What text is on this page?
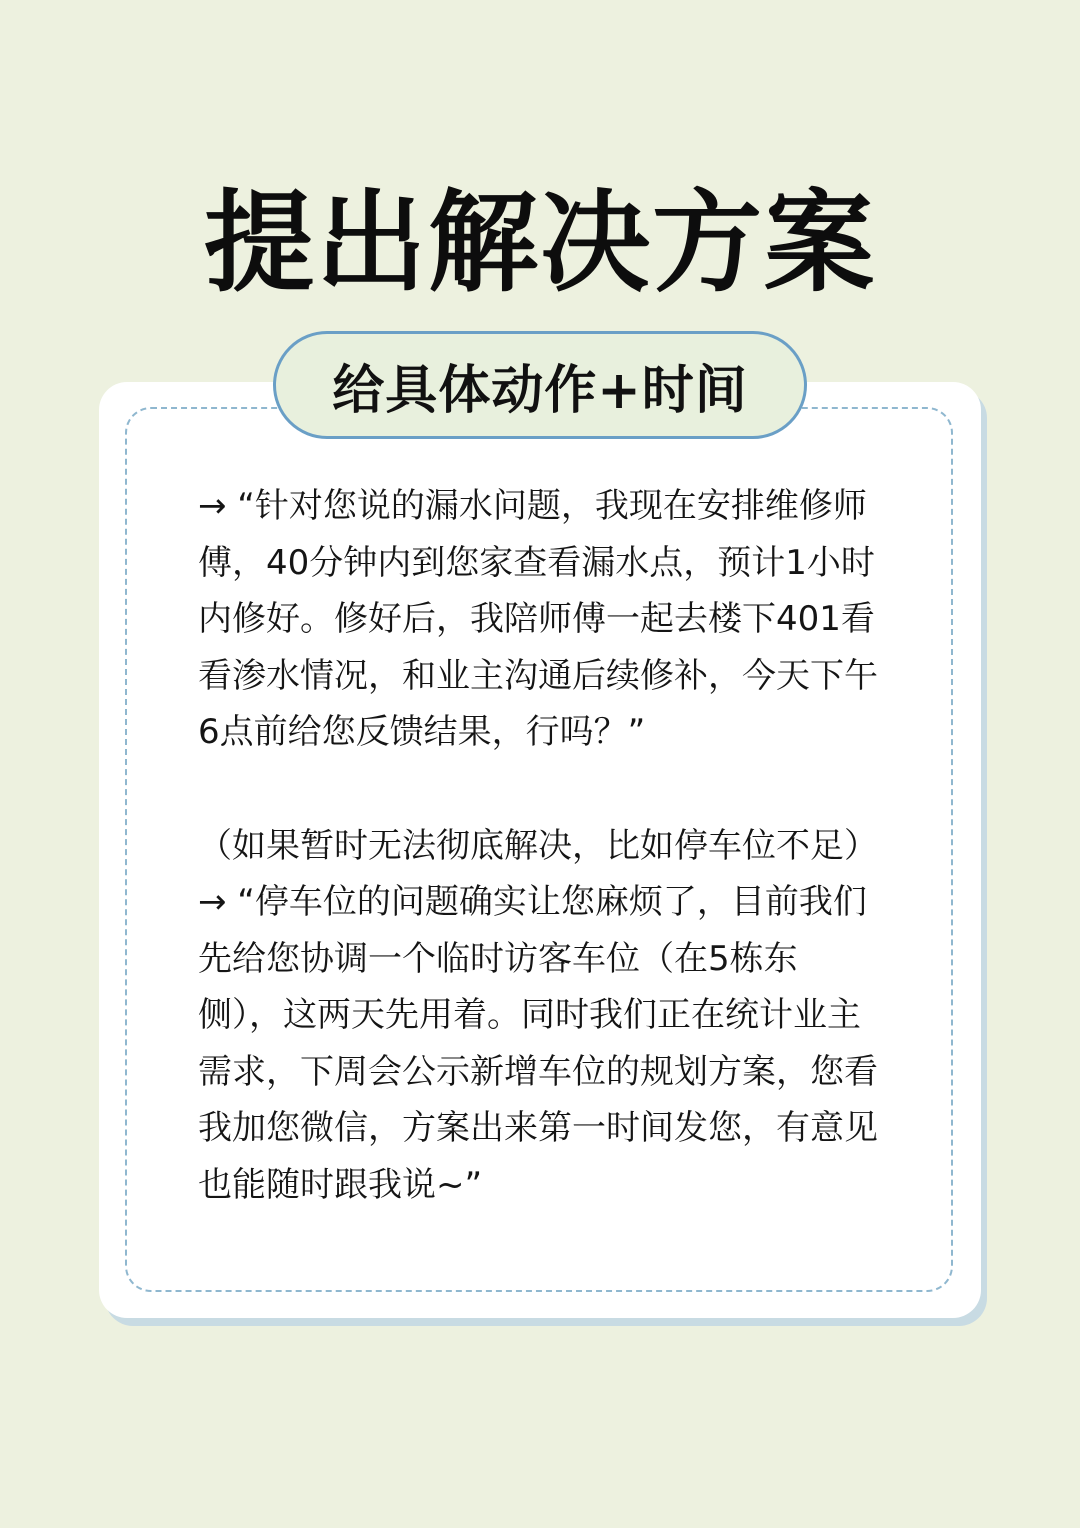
提出解决方案
给具体动作+时间

→ “针对您说的漏水问题，我现在安排维修师
傅，40分钟内到您家查看漏水点，预计1小时
内修好。修好后，我陪师傅一起去楼下401看
看渗水情况，和业主沟通后续修补，今天下午
6点前给您反馈结果，行吗？”

（如果暂时无法彻底解决，比如停车位不足）
→ “停车位的问题确实让您麻烦了，目前我们
先给您协调一个临时访客车位（在5栋东
侧），这两天先用着。同时我们正在统计业主
需求，下周会公示新增车位的规划方案，您看
我加您微信，方案出来第一时间发您，有意见
也能随时跟我说~”
